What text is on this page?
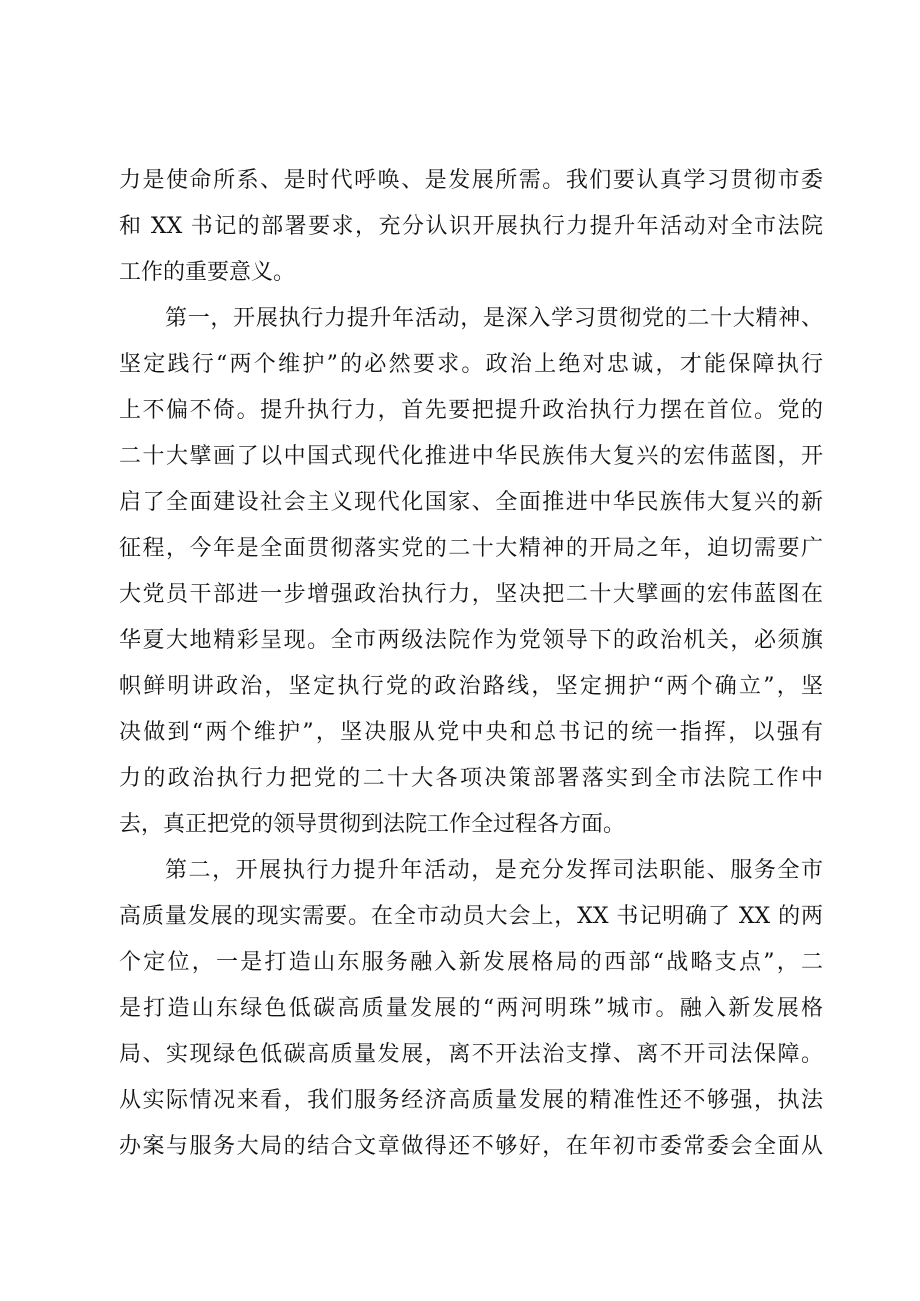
力是使命所系、是时代呼唤、是发展所需。我们要认真学习贯彻市委
和 XX 书记的部署要求，充分认识开展执行力提升年活动对全市法院
工作的重要意义。
第一，开展执行力提升年活动，是深入学习贯彻党的二十大精神、
坚定践行“两个维护”的必然要求。政治上绝对忠诚，才能保障执行
上不偏不倚。提升执行力，首先要把提升政治执行力摆在首位。党的
二十大擘画了以中国式现代化推进中华民族伟大复兴的宏伟蓝图，开
启了全面建设社会主义现代化国家、全面推进中华民族伟大复兴的新
征程，今年是全面贯彻落实党的二十大精神的开局之年，迫切需要广
大党员干部进一步增强政治执行力，坚决把二十大擘画的宏伟蓝图在
华夏大地精彩呈现。全市两级法院作为党领导下的政治机关，必须旗
帜鲜明讲政治，坚定执行党的政治路线，坚定拥护“两个确立”，坚
决做到“两个维护”，坚决服从党中央和总书记的统一指挥，以强有
力的政治执行力把党的二十大各项决策部署落实到全市法院工作中
去，真正把党的领导贯彻到法院工作全过程各方面。
第二，开展执行力提升年活动，是充分发挥司法职能、服务全市
高质量发展的现实需要。在全市动员大会上，XX 书记明确了 XX 的两
个定位，一是打造山东服务融入新发展格局的西部“战略支点”，二
是打造山东绿色低碳高质量发展的“两河明珠”城市。融入新发展格
局、实现绿色低碳高质量发展，离不开法治支撑、离不开司法保障。
从实际情况来看，我们服务经济高质量发展的精准性还不够强，执法
办案与服务大局的结合文章做得还不够好，在年初市委常委会全面从
